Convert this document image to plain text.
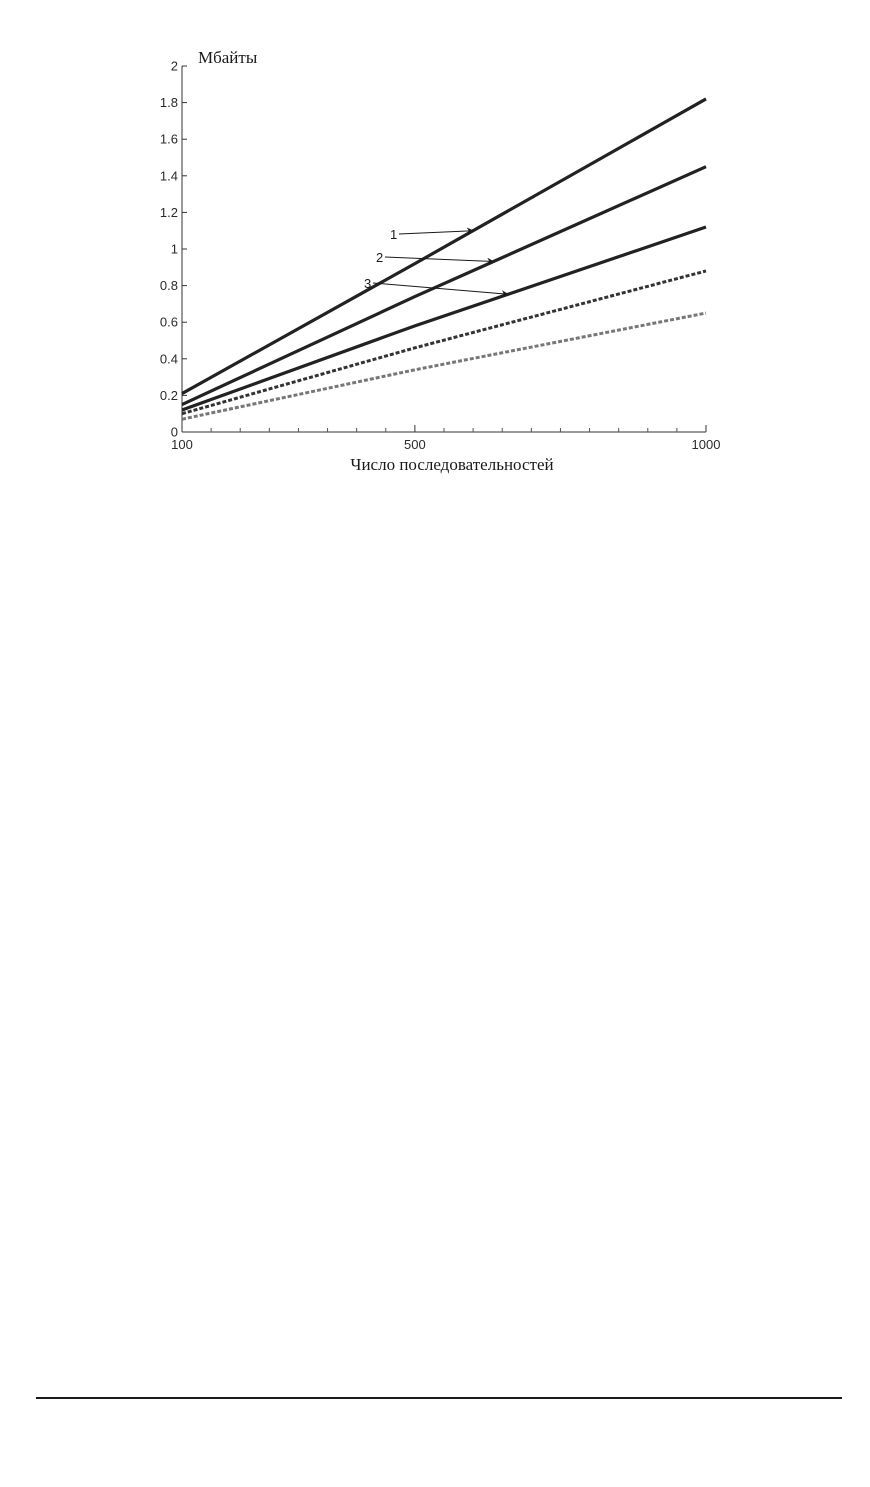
0
0.2
0.4
0.6
0.8
1
1.2
1.4
1.6
1.8
2
100	500	1000
1
2
3
Мбайты
Число последовательностей
